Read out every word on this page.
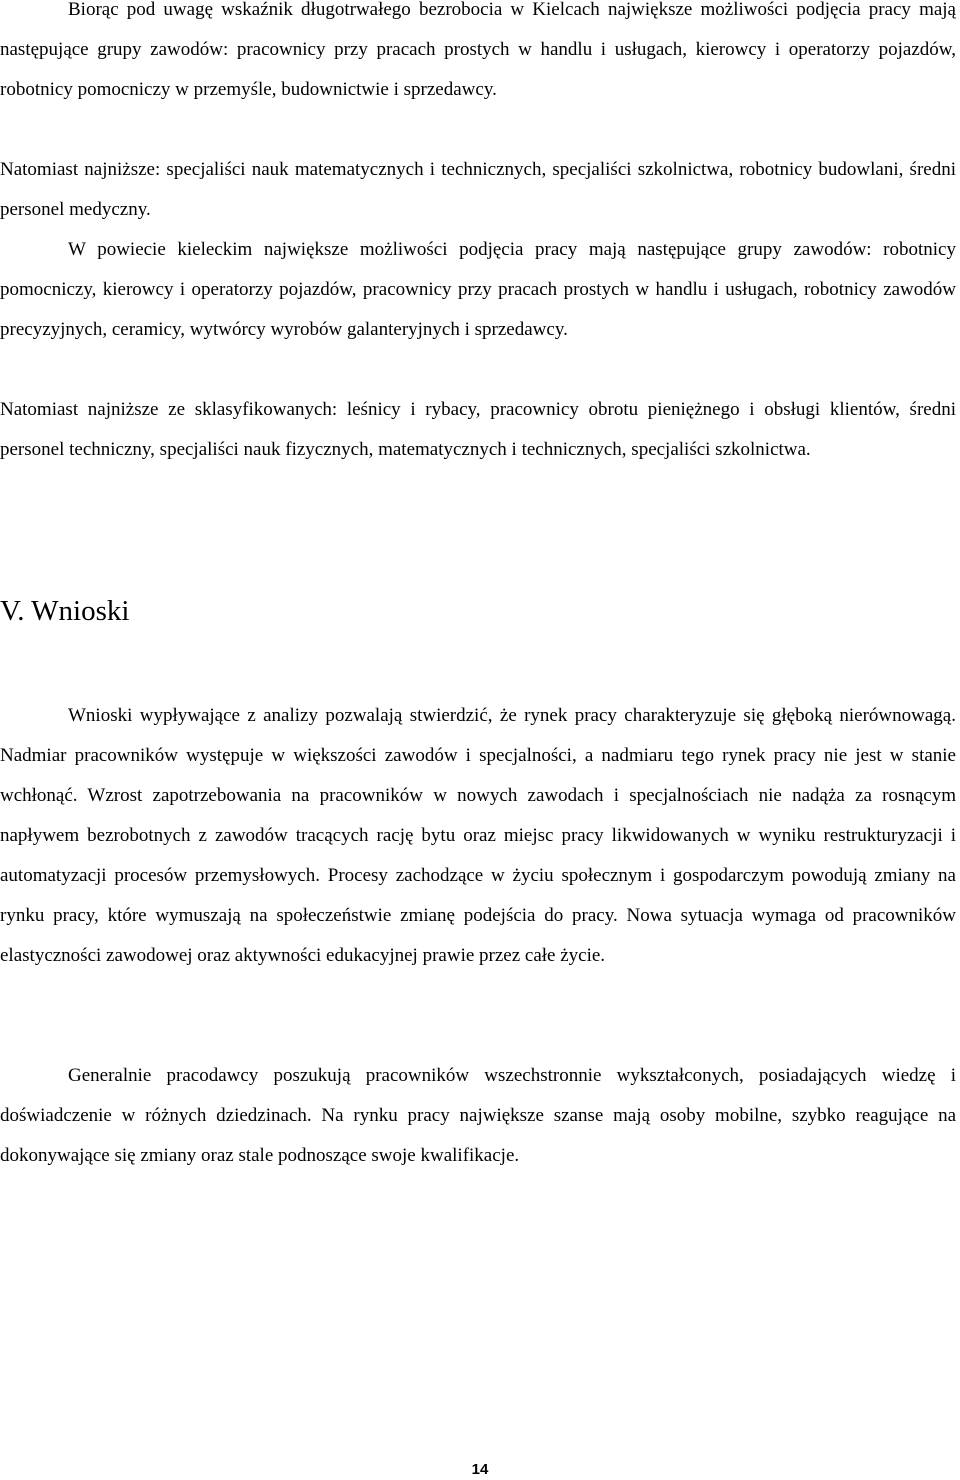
Biorąc pod uwagę wskaźnik długotrwałego bezrobocia w Kielcach największe możliwości podjęcia pracy mają następujące grupy zawodów: pracownicy przy pracach prostych w handlu i usługach, kierowcy i operatorzy pojazdów, robotnicy pomocniczy w przemyśle, budownictwie i sprzedawcy.

Natomiast najniższe: specjaliści nauk matematycznych i technicznych, specjaliści szkolnictwa, robotnicy budowlani, średni personel medyczny.

W powiecie kieleckim największe możliwości podjęcia pracy mają następujące grupy zawodów: robotnicy pomocniczy, kierowcy i operatorzy pojazdów, pracownicy przy pracach prostych w handlu i usługach, robotnicy zawodów precyzyjnych, ceramicy, wytwórcy wyrobów galanteryjnych i sprzedawcy.

Natomiast najniższe ze sklasyfikowanych: leśnicy i rybacy, pracownicy obrotu pieniężnego i obsługi klientów, średni personel techniczny, specjaliści nauk fizycznych, matematycznych i technicznych, specjaliści szkolnictwa.

V. Wnioski

Wnioski wypływające z analizy pozwalają stwierdzić, że rynek pracy charakteryzuje się głęboką nierównowagą. Nadmiar pracowników występuje w większości zawodów i specjalności, a nadmiaru tego rynek pracy nie jest w stanie wchłonąć. Wzrost zapotrzebowania na pracowników w nowych zawodach i specjalnościach nie nadąża za rosnącym napływem bezrobotnych z zawodów tracących rację bytu oraz miejsc pracy likwidowanych w wyniku restrukturyzacji i automatyzacji procesów przemysłowych. Procesy zachodzące w życiu społecznym i gospodarczym powodują zmiany na rynku pracy, które wymuszają na społeczeństwie zmianę podejścia do pracy. Nowa sytuacja wymaga od pracowników elastyczności zawodowej oraz aktywności edukacyjnej prawie przez całe życie.

Generalnie pracodawcy poszukują pracowników wszechstronnie wykształconych, posiadających wiedzę i doświadczenie w różnych dziedzinach. Na rynku pracy największe szanse mają osoby mobilne, szybko reagujące na dokonywające się zmiany oraz stale podnoszące swoje kwalifikacje.

14
